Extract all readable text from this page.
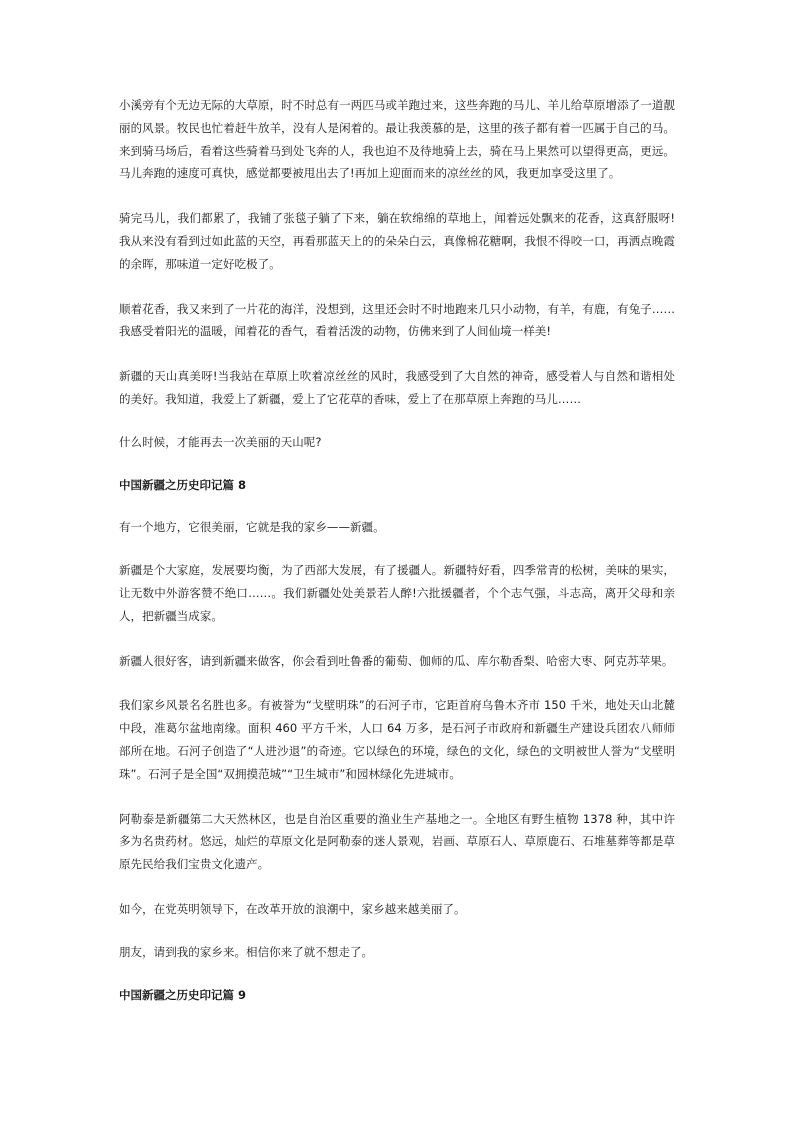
小溪旁有个无边无际的大草原，时不时总有一两匹马或羊跑过来，这些奔跑的马儿、羊儿给草原增添了一道靓丽的风景。牧民也忙着赶牛放羊，没有人是闲着的。最让我羡慕的是，这里的孩子都有着一匹属于自己的马。来到骑马场后，看着这些骑着马到处飞奔的人，我也迫不及待地骑上去，骑在马上果然可以望得更高，更远。马儿奔跑的速度可真快，感觉都要被甩出去了!再加上迎面而来的凉丝丝的风，我更加享受这里了。

骑完马儿，我们都累了，我铺了张毯子躺了下来，躺在软绵绵的草地上，闻着远处飘来的花香，这真舒服呀!我从来没有看到过如此蓝的天空，再看那蓝天上的的朵朵白云，真像棉花糖啊，我恨不得咬一口，再洒点晚霞的余晖，那味道一定好吃极了。

顺着花香，我又来到了一片花的海洋，没想到，这里还会时不时地跑来几只小动物，有羊，有鹿，有兔子……我感受着阳光的温暖，闻着花的香气，看着活泼的动物，仿佛来到了人间仙境一样美!

新疆的天山真美呀!当我站在草原上吹着凉丝丝的风时，我感受到了大自然的神奇，感受着人与自然和谐相处的美好。我知道，我爱上了新疆，爱上了它花草的香味，爱上了在那草原上奔跑的马儿……

什么时候，才能再去一次美丽的天山呢?

中国新疆之历史印记篇 8

有一个地方，它很美丽，它就是我的家乡——新疆。

新疆是个大家庭，发展要均衡，为了西部大发展，有了援疆人。新疆特好看，四季常青的松树，美味的果实，让无数中外游客赞不绝口……。我们新疆处处美景若人醉!六批援疆者，个个志气强，斗志高，离开父母和亲人，把新疆当成家。

新疆人很好客，请到新疆来做客，你会看到吐鲁番的葡萄、伽师的瓜、库尔勒香梨、哈密大枣、阿克苏苹果。

我们家乡风景名名胜也多。有被誉为“戈壁明珠”的石河子市，它距首府乌鲁木齐市 150 千米，地处天山北麓中段，准葛尔盆地南缘。面积 460 平方千米，人口 64 万多，是石河子市政府和新疆生产建设兵团农八师师部所在地。石河子创造了“人进沙退”的奇迹。它以绿色的环境，绿色的文化，绿色的文明被世人誉为“戈壁明珠”。石河子是全国“双拥摸范城”“卫生城市”和园林绿化先进城市。

阿勒泰是新疆第二大天然林区，也是自治区重要的渔业生产基地之一。全地区有野生植物 1378 种，其中许多为名贵药材。悠远，灿烂的草原文化是阿勒泰的迷人景观，岩画、草原石人、草原鹿石、石堆墓葬等都是草原先民给我们宝贵文化遗产。

如今，在党英明领导下，在改革开放的浪潮中，家乡越来越美丽了。

朋友，请到我的家乡来。相信你来了就不想走了。

中国新疆之历史印记篇 9
